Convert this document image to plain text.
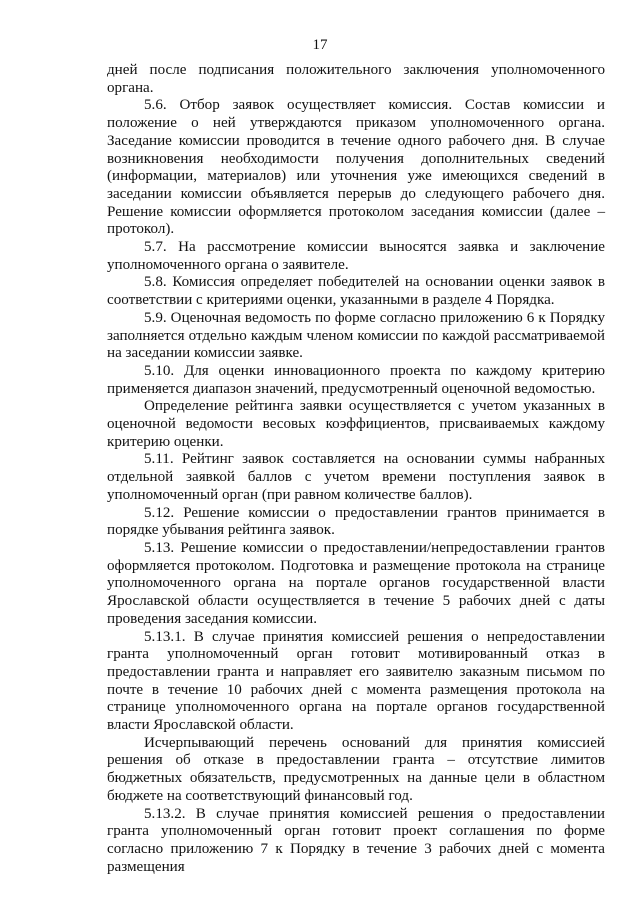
17

дней после подписания положительного заключения уполномоченного органа.

5.6. Отбор заявок осуществляет комиссия. Состав комиссии и положение о ней утверждаются приказом уполномоченного органа. Заседание комиссии проводится в течение одного рабочего дня. В случае возникновения необходимости получения дополнительных сведений (информации, материалов) или уточнения уже имеющихся сведений в заседании комиссии объявляется перерыв до следующего рабочего дня. Решение комиссии оформляется протоколом заседания комиссии (далее – протокол).

5.7. На рассмотрение комиссии выносятся заявка и заключение уполномоченного органа о заявителе.

5.8. Комиссия определяет победителей на основании оценки заявок в соответствии с критериями оценки, указанными в разделе 4 Порядка.

5.9. Оценочная ведомость по форме согласно приложению 6 к Порядку заполняется отдельно каждым членом комиссии по каждой рассматриваемой на заседании комиссии заявке.

5.10. Для оценки инновационного проекта по каждому критерию применяется диапазон значений, предусмотренный оценочной ведомостью.

Определение рейтинга заявки осуществляется с учетом указанных в оценочной ведомости весовых коэффициентов, присваиваемых каждому критерию оценки.

5.11. Рейтинг заявок составляется на основании суммы набранных отдельной заявкой баллов с учетом времени поступления заявок в уполномоченный орган (при равном количестве баллов).

5.12. Решение комиссии о предоставлении грантов принимается в порядке убывания рейтинга заявок.

5.13. Решение комиссии о предоставлении/непредоставлении грантов оформляется протоколом. Подготовка и размещение протокола на странице уполномоченного органа на портале органов государственной власти Ярославской области осуществляется в течение 5 рабочих дней с даты проведения заседания комиссии.

5.13.1. В случае принятия комиссией решения о непредоставлении гранта уполномоченный орган готовит мотивированный отказ в предоставлении гранта и направляет его заявителю заказным письмом по почте в течение 10 рабочих дней с момента размещения протокола на странице уполномоченного органа на портале органов государственной власти Ярославской области.

Исчерпывающий перечень оснований для принятия комиссией решения об отказе в предоставлении гранта – отсутствие лимитов бюджетных обязательств, предусмотренных на данные цели в областном бюджете на соответствующий финансовый год.

5.13.2. В случае принятия комиссией решения о предоставлении гранта уполномоченный орган готовит проект соглашения по форме согласно приложению 7 к Порядку в течение 3 рабочих дней с момента размещения
